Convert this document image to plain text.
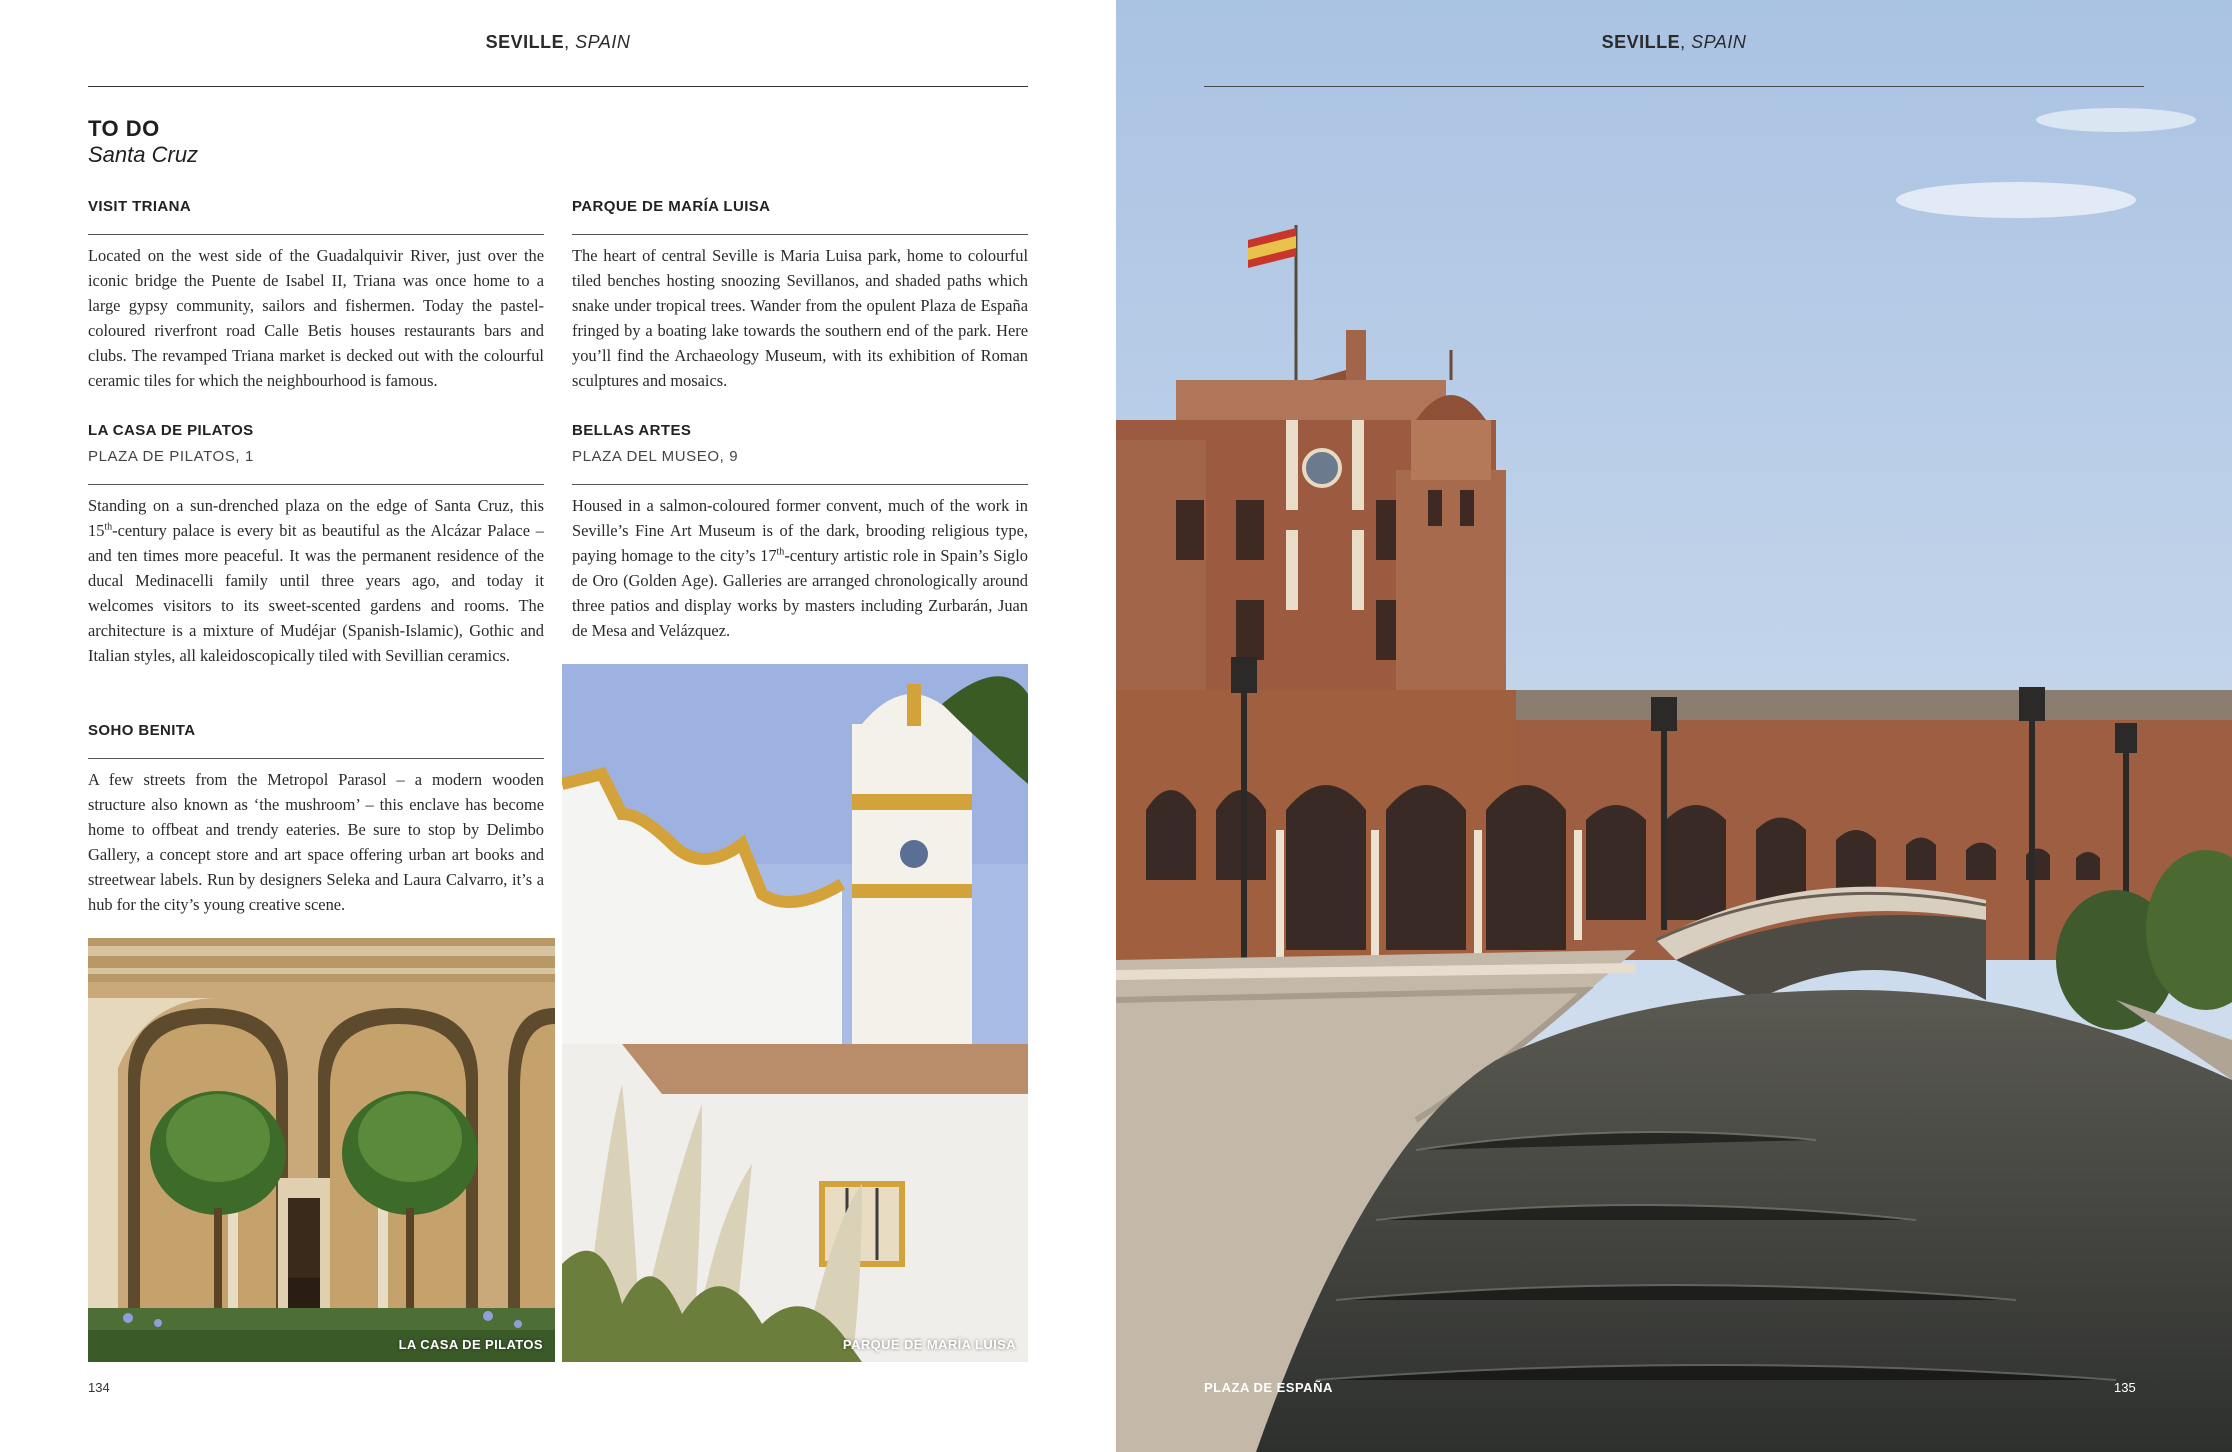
SEVILLE, SPAIN
TO DO
Santa Cruz
VISIT TRIANA

Located on the west side of the Guadalquivir River, just over the iconic bridge the Puente de Isabel II, Triana was once home to a large gypsy community, sailors and fishermen. Today the pastel-coloured riverfront road Calle Betis houses restaurants bars and clubs. The revamped Triana market is decked out with the colourful ceramic tiles for which the neighbourhood is famous.

LA CASA DE PILATOS
PLAZA DE PILATOS, 1

Standing on a sun-drenched plaza on the edge of Santa Cruz, this 15th-century palace is every bit as beautiful as the Alcázar Palace – and ten times more peaceful. It was the permanent residence of the ducal Medinacelli family until three years ago, and today it welcomes visitors to its sweet-scented gardens and rooms. The architecture is a mixture of Mudéjar (Spanish-Islamic), Gothic and Italian styles, all kaleidoscopically tiled with Sevillian ceramics.

SOHO BENITA

A few streets from the Metropol Parasol – a modern wooden structure also known as ‘the mushroom’ – this enclave has become home to offbeat and trendy eateries. Be sure to stop by Delimbo Gallery, a concept store and art space offering urban art books and streetwear labels. Run by designers Seleka and Laura Calvarro, it’s a hub for the city’s young creative scene.

PARQUE DE MARÍA LUISA

The heart of central Seville is Maria Luisa park, home to colourful tiled benches hosting snoozing Sevillanos, and shaded paths which snake under tropical trees. Wander from the opulent Plaza de España fringed by a boating lake towards the southern end of the park. Here you’ll find the Archaeology Museum, with its exhibition of Roman sculptures and mosaics.

BELLAS ARTES
PLAZA DEL MUSEO, 9

Housed in a salmon-coloured former convent, much of the work in Seville’s Fine Art Museum is of the dark, brooding religious type, paying homage to the city’s 17th-century artistic role in Spain’s Siglo de Oro (Golden Age). Galleries are arranged chronologically around three patios and display works by masters including Zurbarán, Juan de Mesa and Velázquez.

LA CASA DE PILATOS	PARQUE DE MARÍA LUISA
134
SEVILLE, SPAIN
PLAZA DE ESPAÑA	135
